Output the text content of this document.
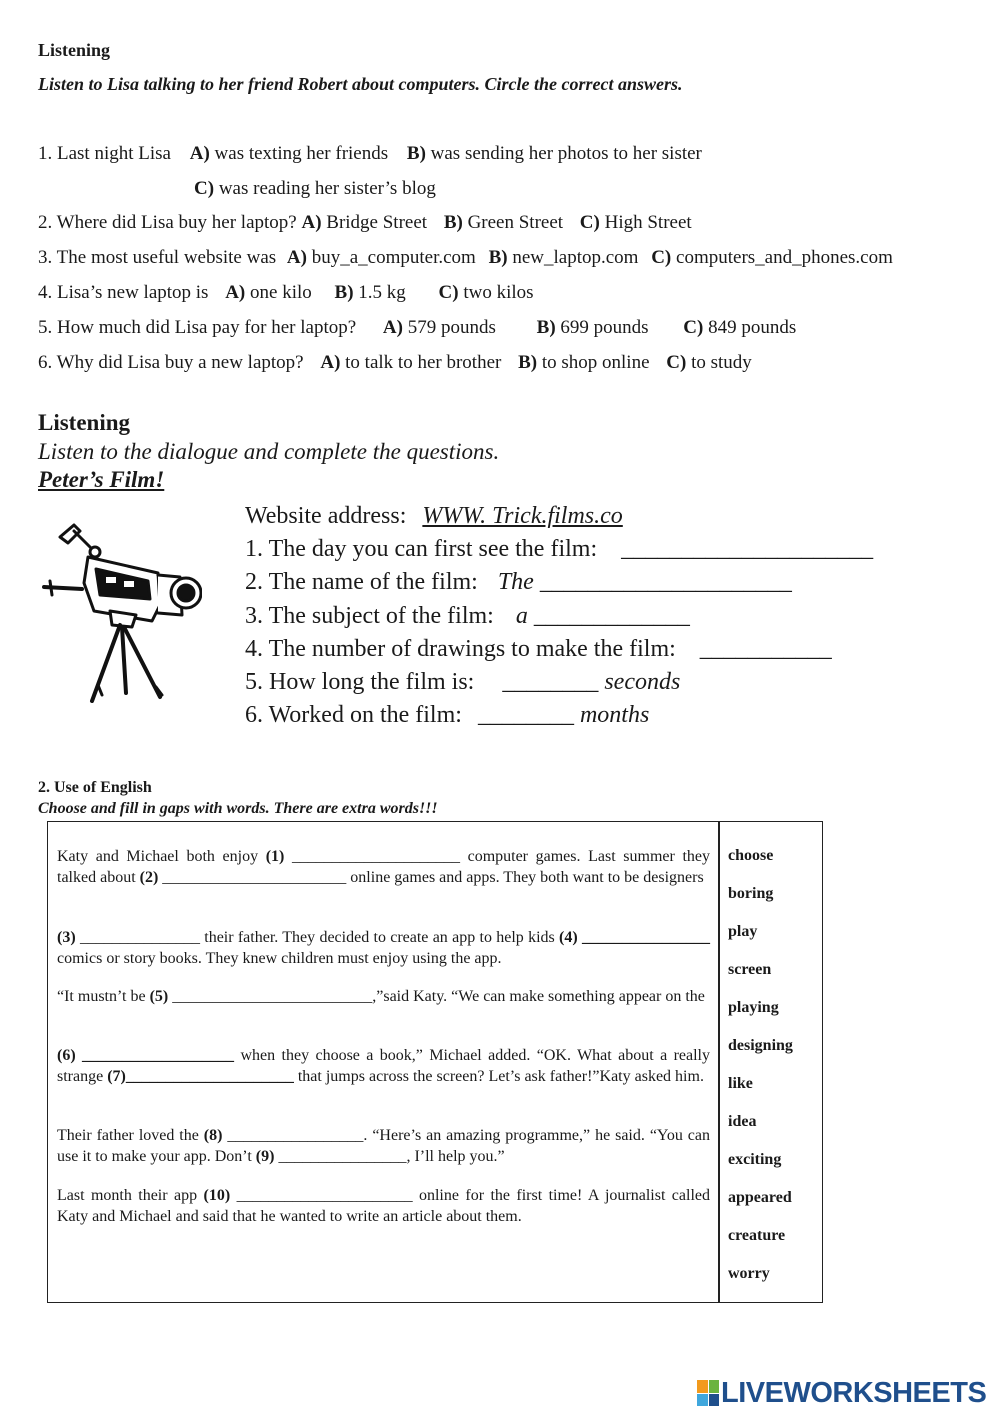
Listening
Listen to Lisa talking to her friend Robert about computers. Circle the correct answers.
1. Last night Lisa A) was texting her friends B) was sending her photos to her sister
C) was reading her sister’s blog
2. Where did Lisa buy her laptop? A) Bridge Street B) Green Street C) High Street
3. The most useful website was A) buy_a_computer.com B) new_laptop.com C) computers_and_phones.com
4. Lisa’s new laptop is A) one kilo B) 1.5 kg C) two kilos
5. How much did Lisa pay for her laptop? A) 579 pounds B) 699 pounds C) 849 pounds
6. Why did Lisa buy a new laptop? A) to talk to her brother B) to shop online C) to study
Listening
Listen to the dialogue and complete the questions.
Peter’s Film!
Website address: WWW. Trick.films.co
1. The day you can first see the film: _____________________
2. The name of the film: The _____________________
3. The subject of the film: a _____________
4. The number of drawings to make the film: ___________
5. How long the film is: ________ seconds
6. Worked on the film: ________ months
2. Use of English
Choose and fill in gaps with words. There are extra words!!!
Katy and Michael both enjoy (1) _____________________ computer games. Last summer they talked about (2) _______________________ online games and apps. They both want to be designers
(3) _______________ their father. They decided to create an app to help kids (4) ________________ comics or story books. They knew children must enjoy using the app.
“It mustn’t be (5) _________________________,”said Katy. “We can make something appear on the
(6) ___________________ when they choose a book,” Michael added. “OK. What about a really strange (7)_____________________ that jumps across the screen? Let’s ask father!”Katy asked him.
Their father loved the (8) _________________. “Here’s an amazing programme,” he said. “You can use it to make your app. Don’t (9) ________________, I’ll help you.”
Last month their app (10) ______________________ online for the first time! A journalist called Katy and Michael and said that he wanted to write an article about them.
choose
boring
play
screen
playing
designing
like
idea
exciting
appeared
creature
worry
LIVEWORKSHEETS
